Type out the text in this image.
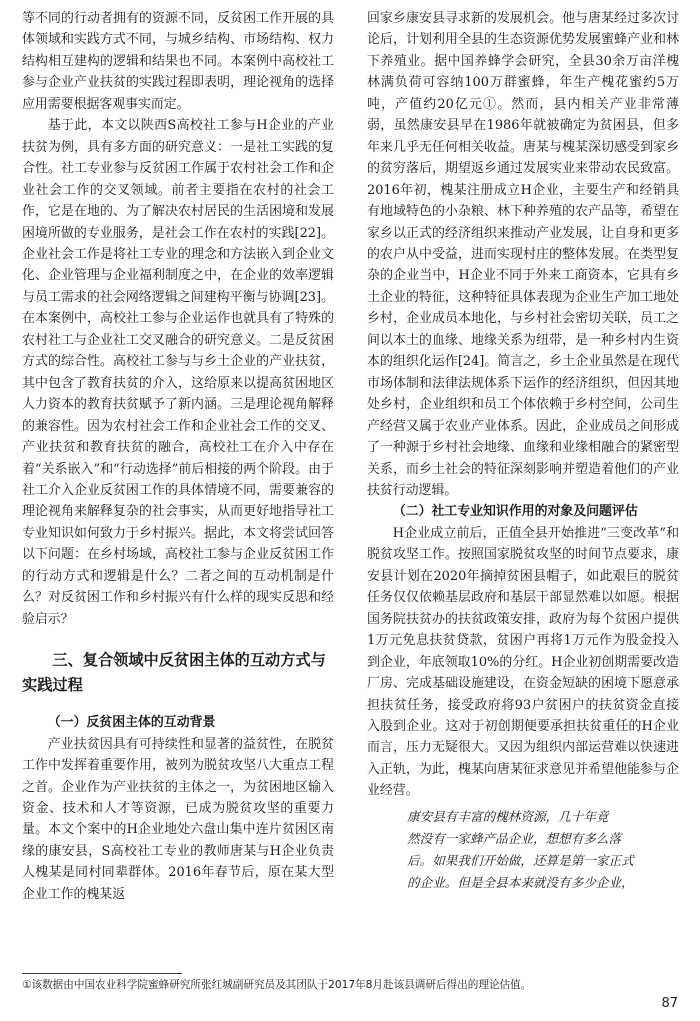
等不同的行动者拥有的资源不同，反贫困工作开展的具体领域和实践方式不同，与城乡结构、市场结构、权力结构相互建构的逻辑和结果也不同。本案例中高校社工参与企业产业扶贫的实践过程即表明，理论视角的选择应用需要根据客观事实而定。

基于此，本文以陕西S高校社工参与H企业的产业扶贫为例，具有多方面的研究意义：一是社工实践的复合性。社工专业参与反贫困工作属于农村社会工作和企业社会工作的交叉领域。前者主要指在农村的社会工作，它是在地的、为了解决农村居民的生活困境和发展困境所做的专业服务，是社会工作在农村的实践[22]。企业社会工作是将社工专业的理念和方法嵌入到企业文化、企业管理与企业福利制度之中，在企业的效率逻辑与员工需求的社会网络逻辑之间建构平衡与协调[23]。在本案例中，高校社工参与企业运作也就具有了特殊的农村社工与企业社工交叉融合的研究意义。二是反贫困方式的综合性。高校社工参与与乡土企业的产业扶贫，其中包含了教育扶贫的介入，这给原来以提高贫困地区人力资本的教育扶贫赋予了新内涵。三是理论视角解释的兼容性。因为农村社会工作和企业社会工作的交叉、产业扶贫和教育扶贫的融合，高校社工在介入中存在着“关系嵌入”和“行动选择”前后相接的两个阶段。由于社工介入企业反贫困工作的具体情境不同，需要兼容的理论视角来解释复杂的社会事实，从而更好地指导社工专业知识如何致力于乡村振兴。据此，本文将尝试回答以下问题：在乡村场域，高校社工参与企业反贫困工作的行动方式和逻辑是什么？二者之间的互动机制是什么？对反贫困工作和乡村振兴有什么样的现实反思和经验启示？

三、复合领域中反贫困主体的互动方式与实践过程
（一）反贫困主体的互动背景

产业扶贫因具有可持续性和显著的益贫性，在脱贫工作中发挥着重要作用，被列为脱贫攻坚八大重点工程之首。企业作为产业扶贫的主体之一，为贫困地区输入资金、技术和人才等资源，已成为脱贫攻坚的重要力量。本文个案中的H企业地处六盘山集中连片贫困区南缘的康安县，S高校社工专业的教师唐某与H企业负责人槐某是同村同辈群体。2016年春节后，原在某大型企业工作的槐某返

回家乡康安县寻求新的发展机会。他与唐某经过多次讨论后，计划利用全县的生态资源优势发展蜜蜂产业和林下养殖业。据中国养蜂学会研究，全县30余万亩洋槐林满负荷可容纳100万群蜜蜂，年生产槐花蜜约5万吨，产值约20亿元①。然而，县内相关产业非常薄弱，虽然康安县早在1986年就被确定为贫困县，但多年来几乎无任何相关收益。唐某与槐某深切感受到家乡的贫穷落后，期望返乡通过发展实业来带动农民致富。2016年初，槐某注册成立H企业，主要生产和经销具有地域特色的小杂粮、林下种养殖的农产品等，希望在家乡以正式的经济组织来推动产业发展，让自身和更多的农户从中受益，进而实现村庄的整体发展。在类型复杂的企业当中，H企业不同于外来工商资本，它具有乡土企业的特征，这种特征具体表现为企业生产加工地处乡村，企业成员本地化，与乡村社会密切关联，员工之间以本土的血缘、地缘关系为纽带，是一种乡村内生资本的组织化运作[24]。简言之，乡土企业虽然是在现代市场体制和法律法规体系下运作的经济组织，但因其地处乡村，企业组织和员工个体依赖于乡村空间，公司生产经营又属于农业产业体系。因此，企业成员之间形成了一种源于乡村社会地缘、血缘和业缘相融合的紧密型关系，而乡土社会的特征深刻影响并塑造着他们的产业扶贫行动逻辑。

（二）社工专业知识作用的对象及问题评估

H企业成立前后，正值全县开始推进“三变改革”和脱贫攻坚工作。按照国家脱贫攻坚的时间节点要求，康安县计划在2020年摘掉贫困县帽子，如此艰巨的脱贫任务仅仅依赖基层政府和基层干部显然难以如愿。根据国务院扶贫办的扶贫政策安排，政府为每个贫困户提供1万元免息扶贫贷款，贫困户再将1万元作为股金投入到企业，年底领取10%的分红。H企业初创期需要改造厂房、完成基础设施建设，在资金短缺的困境下愿意承担扶贫任务，接受政府将93户贫困户的扶贫资金直接入股到企业。这对于初创期便要承担扶贫重任的H企业而言，压力无疑很大。又因为组织内部运营难以快速进入正轨，为此，槐某向唐某征求意见并希望他能参与企业经营。

康安县有丰富的槐林资源，几十年竟

然没有一家蜂产品企业，想想有多么落

后。如果我们开始做，还算是第一家正式

的企业。但是全县本来就没有多少企业，

①该数据由中国农业科学院蜜蜂研究所张红城副研究员及其团队于2017年8月赴该县调研后得出的理论估值。
87
